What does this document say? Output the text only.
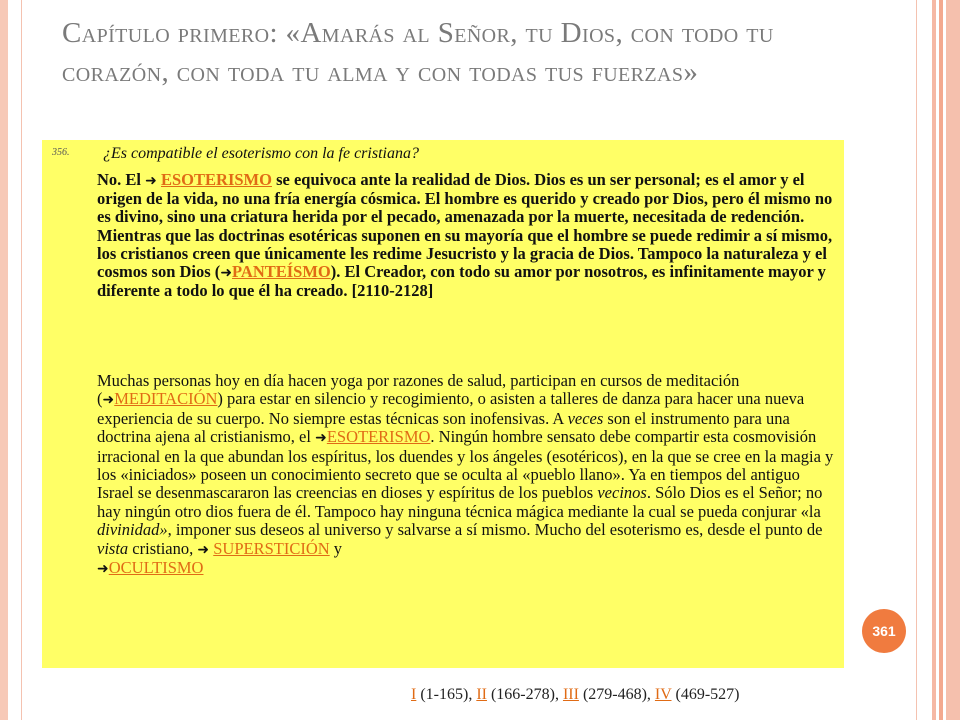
Capítulo primero: «Amarás al Señor, tu Dios, con todo tu corazón, con toda tu alma y con todas tus fuerzas»
356. ¿Es compatible el esoterismo con la fe cristiana?

No. El ➜ ESOTERISMO se equivoca ante la realidad de Dios. Dios es un ser personal; es el amor y el origen de la vida, no una fría energía cósmica. El hombre es querido y creado por Dios, pero él mismo no es divino, sino una criatura herida por el pecado, amenazada por la muerte, necesitada de redención. Mientras que las doctrinas esotéricas suponen en su mayoría que el hombre se puede redimir a sí mismo, los cristianos creen que únicamente les redime Jesucristo y la gracia de Dios. Tampoco la naturaleza y el cosmos son Dios (➜PANTEÍSMO). El Creador, con todo su amor por nosotros, es infinitamente mayor y diferente a todo lo que él ha creado. [2110-2128]

Muchas personas hoy en día hacen yoga por razones de salud, participan en cursos de meditación (➜MEDITACIÓN) para estar en silencio y recogimiento, o asisten a talleres de danza para hacer una nueva experiencia de su cuerpo. No siempre estas técnicas son inofensivas. A veces son el instrumento para una doctrina ajena al cristianismo, el ➜ESOTERISMO. Ningún hombre sensato debe compartir esta cosmovisión irracional en la que abundan los espíritus, los duendes y los ángeles (esotéricos), en la que se cree en la magia y los «iniciados» poseen un conocimiento secreto que se oculta al «pueblo llano». Ya en tiempos del antiguo Israel se desenmascararon las creencias en dioses y espíritus de los pueblos vecinos. Sólo Dios es el Señor; no hay ningún otro dios fuera de él. Tampoco hay ninguna técnica mágica mediante la cual se pueda conjurar «la divinidad», imponer sus deseos al universo y salvarse a sí mismo. Mucho del esoterismo es, desde el punto de vista cristiano, ➜ SUPERSTICIÓN y
➜OCULTISMO

361
I (1-165), II (166-278), III (279-468), IV (469-527)
